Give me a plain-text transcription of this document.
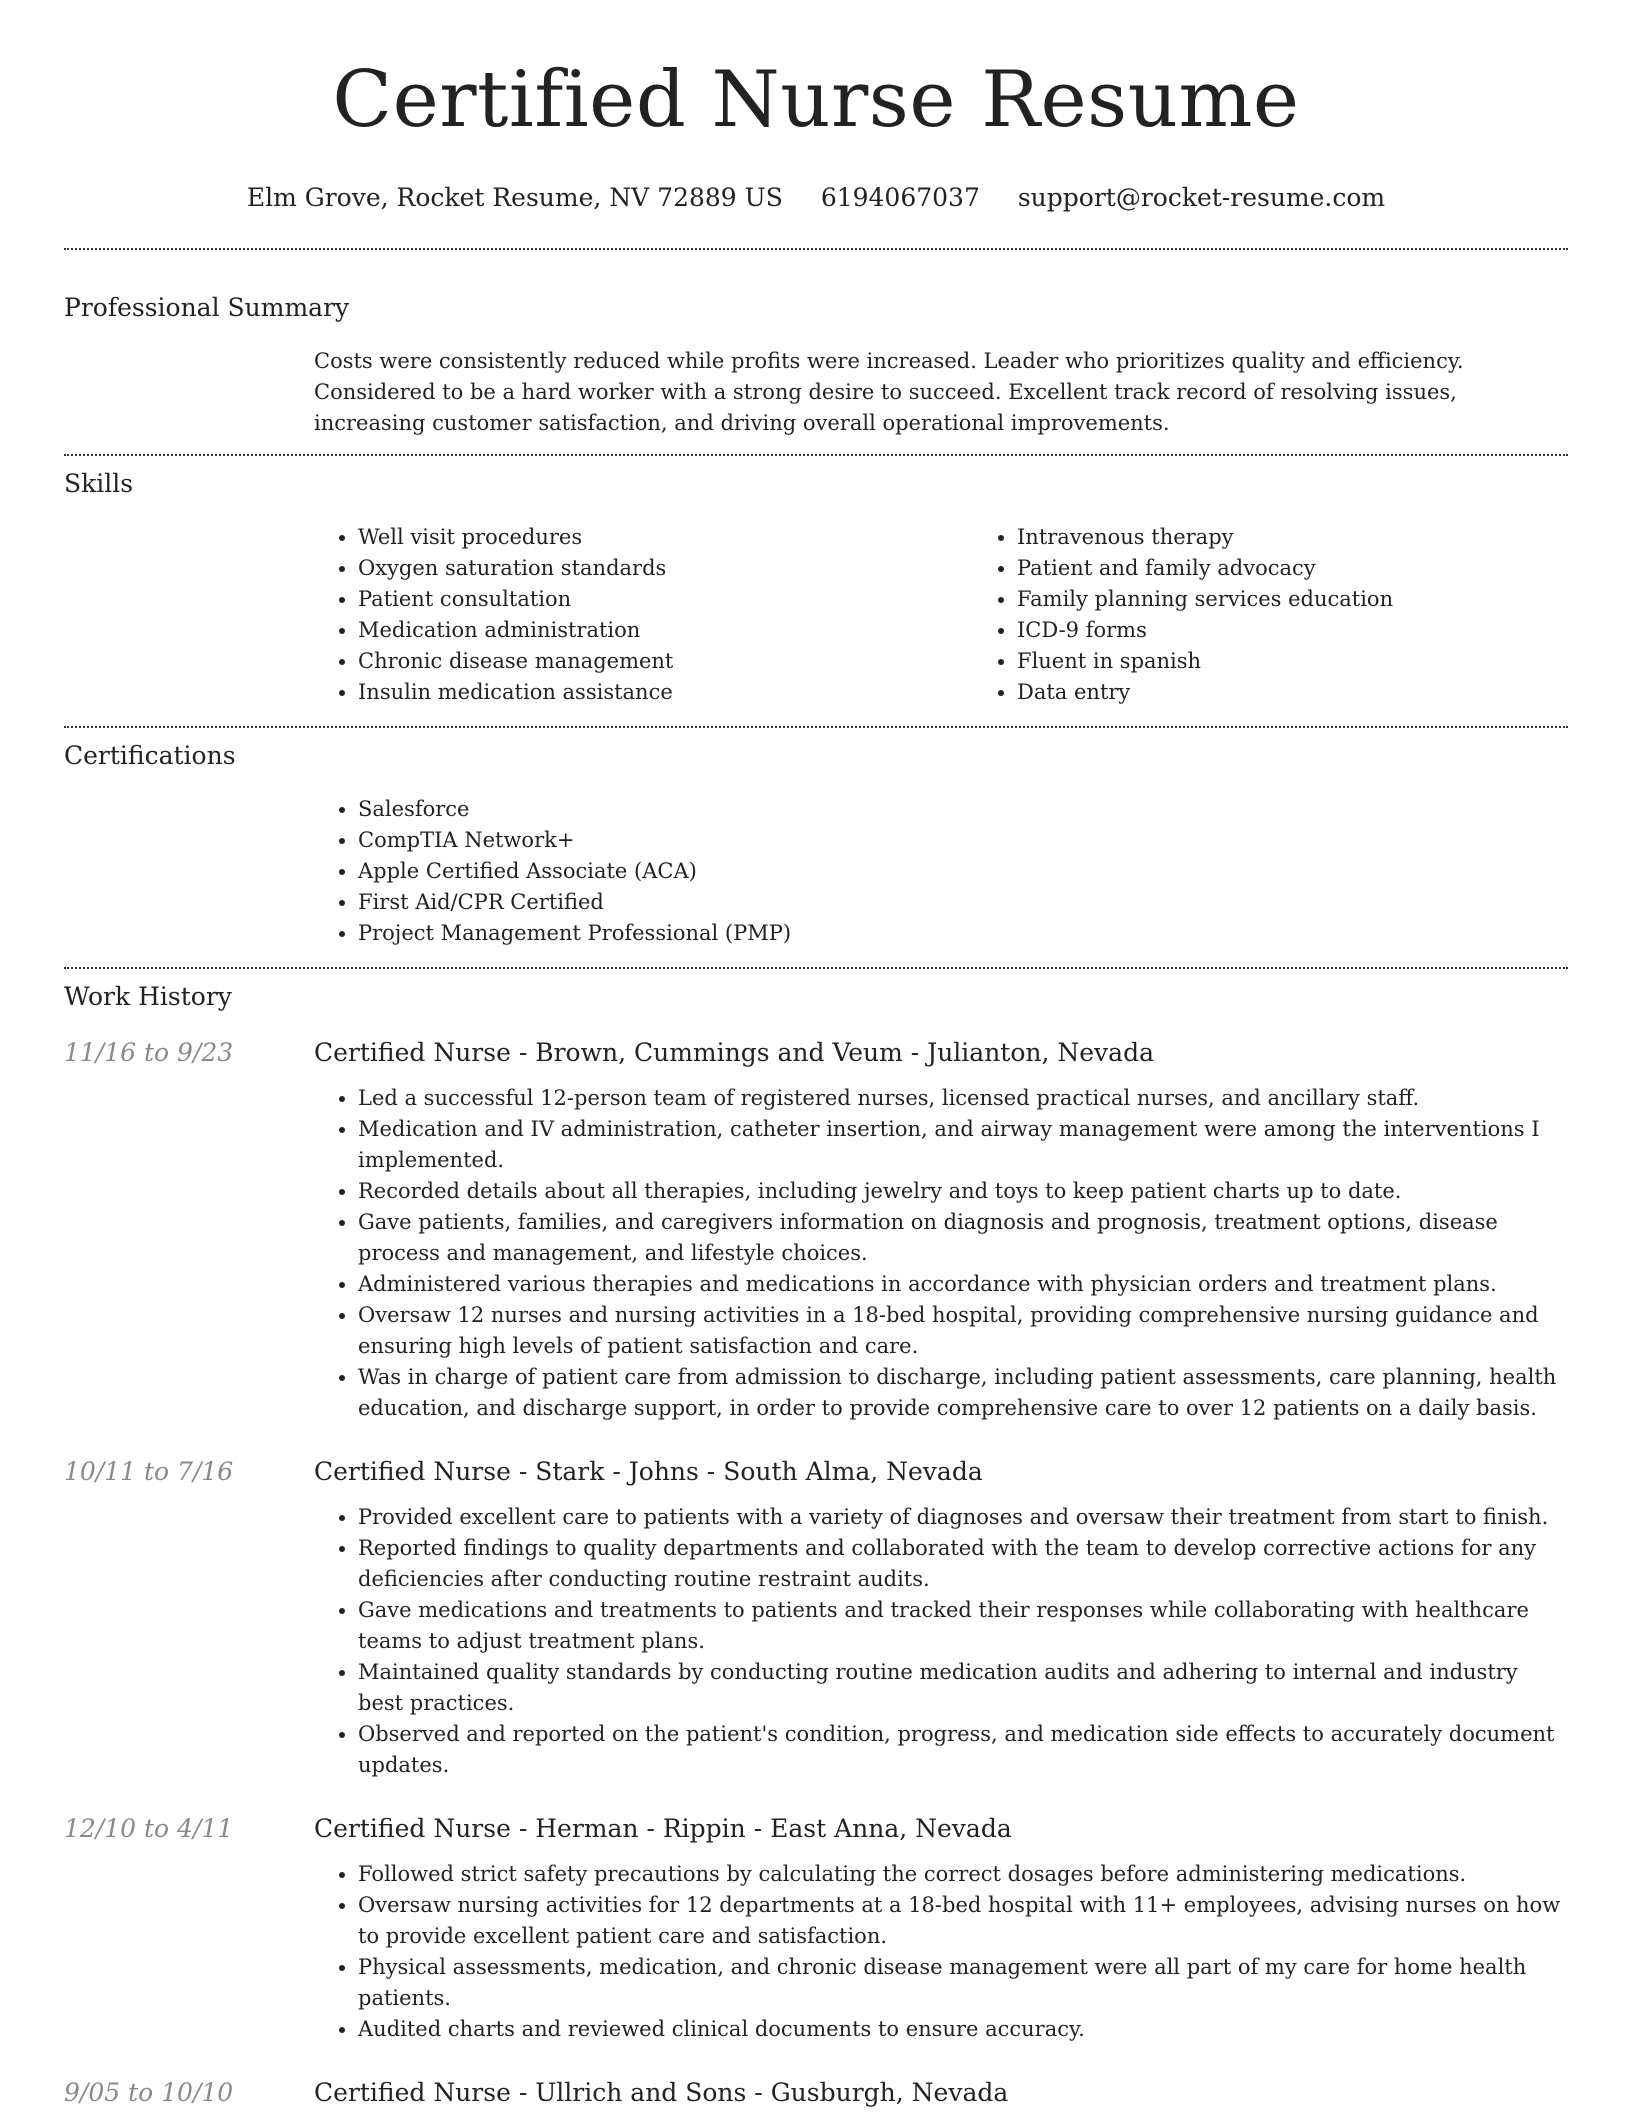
Certified Nurse Resume
Elm Grove, Rocket Resume, NV 72889 US 6194067037 support@rocket-resume.com
Professional Summary

Costs were consistently reduced while profits were increased. Leader who prioritizes quality and efficiency. Considered to be a hard worker with a strong desire to succeed. Excellent track record of resolving issues, increasing customer satisfaction, and driving overall operational improvements.

Skills
• Well visit procedures
• Oxygen saturation standards
• Patient consultation
• Medication administration
• Chronic disease management
• Insulin medication assistance
• Intravenous therapy
• Patient and family advocacy
• Family planning services education
• ICD-9 forms
• Fluent in spanish
• Data entry
Certifications
• Salesforce
• CompTIA Network+
• Apple Certified Associate (ACA)
• First Aid/CPR Certified
• Project Management Professional (PMP)
Work History
11/16 to 9/23	Certified Nurse - Brown, Cummings and Veum - Julianton, Nevada
• Led a successful 12-person team of registered nurses, licensed practical nurses, and ancillary staff.
• Medication and IV administration, catheter insertion, and airway management were among the interventions I implemented.
• Recorded details about all therapies, including jewelry and toys to keep patient charts up to date.
• Gave patients, families, and caregivers information on diagnosis and prognosis, treatment options, disease process and management, and lifestyle choices.
• Administered various therapies and medications in accordance with physician orders and treatment plans.
• Oversaw 12 nurses and nursing activities in a 18-bed hospital, providing comprehensive nursing guidance and ensuring high levels of patient satisfaction and care.
• Was in charge of patient care from admission to discharge, including patient assessments, care planning, health education, and discharge support, in order to provide comprehensive care to over 12 patients on a daily basis.
10/11 to 7/16	Certified Nurse - Stark - Johns - South Alma, Nevada
• Provided excellent care to patients with a variety of diagnoses and oversaw their treatment from start to finish.
• Reported findings to quality departments and collaborated with the team to develop corrective actions for any deficiencies after conducting routine restraint audits.
• Gave medications and treatments to patients and tracked their responses while collaborating with healthcare teams to adjust treatment plans.
• Maintained quality standards by conducting routine medication audits and adhering to internal and industry best practices.
• Observed and reported on the patient's condition, progress, and medication side effects to accurately document updates.
12/10 to 4/11	Certified Nurse - Herman - Rippin - East Anna, Nevada
• Followed strict safety precautions by calculating the correct dosages before administering medications.
• Oversaw nursing activities for 12 departments at a 18-bed hospital with 11+ employees, advising nurses on how to provide excellent patient care and satisfaction.
• Physical assessments, medication, and chronic disease management were all part of my care for home health patients.
• Audited charts and reviewed clinical documents to ensure accuracy.
9/05 to 10/10	Certified Nurse - Ullrich and Sons - Gusburgh, Nevada
